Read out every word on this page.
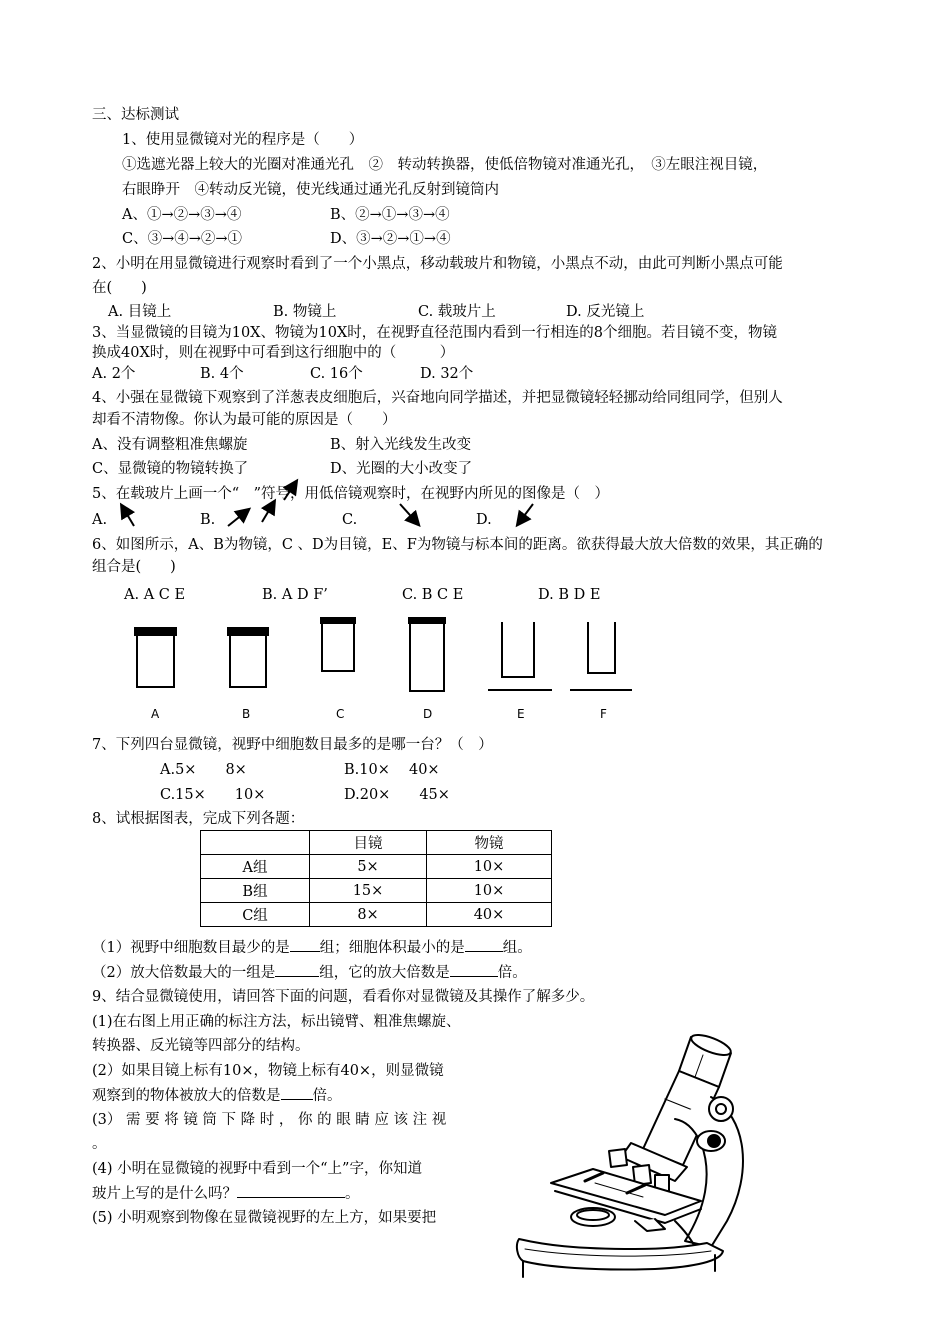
三、达标测试
1、使用显微镜对光的程序是（　　）
①选遮光器上较大的光圈对准通光孔　②　转动转换器，使低倍物镜对准通光孔，　③左眼注视目镜，
右眼睁开　④转动反光镜，使光线通过通光孔反射到镜筒内
A、①→②→③→④	B、②→①→③→④
C、③→④→②→①	D、③→②→①→④
2、小明在用显微镜进行观察时看到了一个小黑点，移动载玻片和物镜，小黑点不动，由此可判断小黑点可能
在(　　)
A. 目镜上	B. 物镜上	C. 载玻片上	D. 反光镜上
3、当显微镜的目镜为10X、物镜为10X时，在视野直径范围内看到一行相连的8个细胞。若目镜不变，物镜
换成40X时，则在视野中可看到这行细胞中的（　　　）
A. 2个	B. 4个	C. 16个	D. 32个
4、小强在显微镜下观察到了洋葱表皮细胞后，兴奋地向同学描述，并把显微镜轻轻挪动给同组同学，但别人
却看不清物像。你认为最可能的原因是（　　）
A、没有调整粗准焦螺旋	B、射入光线发生改变
C、显微镜的物镜转换了	D、光圈的大小改变了
5、在载玻片上画一个“　”符号，用低倍镜观察时，在视野内所见的图像是（　）
A.	B.	C.	D.
6、如图所示，A、B为物镜，C 、D为目镜，E、F为物镜与标本间的距离。欲获得最大放大倍数的效果，其正确的
组合是(　　)
A. A C E	B. A D F’	C. B C E	D. B D E
A	B	C	D	E	F
7、下列四台显微镜，视野中细胞数目最多的是哪一台？（　）
A.5×　　8×	B.10×　 40×
C.15×　　10×	D.20×　　45×
8、试根据图表，完成下列各题：
	目镜	物镜
A组	5×	10×
B组	15×	10×
C组	8×	40×
（1）视野中细胞数目最少的是 组；细胞体积最小的是	组。
（2）放大倍数最大的一组是	组，它的放大倍数是	倍。
9、结合显微镜使用，请回答下面的问题，看看你对显微镜及其操作了解多少。
(1)在右图上用正确的标注方法，标出镜臂、粗准焦螺旋、
转换器、反光镜等四部分的结构。
(2）如果目镜上标有10×，物镜上标有40×，则显微镜
观察到的物体被放大的倍数是 倍。
(3） 需 要 将 镜 筒 下 降 时 ， 你 的 眼 睛 应 该 注 视
。
(4) 小明在显微镜的视野中看到一个“上”字，你知道
玻片上写的是什么吗？	。
(5) 小明观察到物像在显微镜视野的左上方，如果要把
